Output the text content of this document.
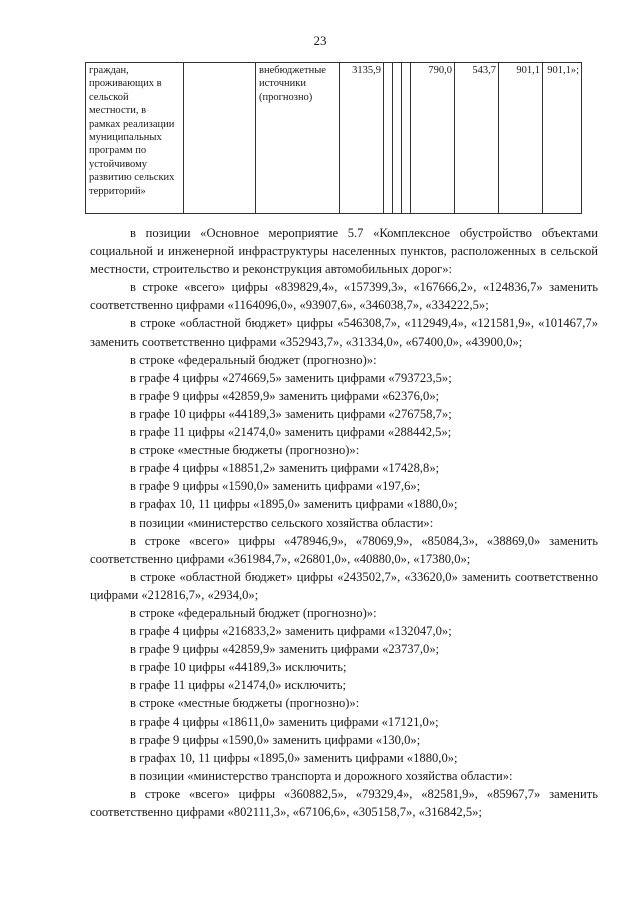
23
граждан, проживающих в сельской местности, в рамках реализации муниципальных программ по устойчивому развитию сельских территорий»		внебюджетные источники (прогнозно)	3135,9				790,0	543,7	901,1	901,1»;

в позиции «Основное мероприятие 5.7 «Комплексное обустройство объектами социальной и инженерной инфраструктуры населенных пунктов, расположенных в сельской местности, строительство и реконструкция автомобильных дорог»:

в строке «всего» цифры «839829,4», «157399,3», «167666,2», «124836,7» заменить соответственно цифрами «1164096,0», «93907,6», «346038,7», «334222,5»;

в строке «областной бюджет» цифры «546308,7», «112949,4», «121581,9», «101467,7» заменить соответственно цифрами «352943,7», «31334,0», «67400,0», «43900,0»;

в строке «федеральный бюджет (прогнозно)»:

в графе 4 цифры «274669,5» заменить цифрами «793723,5»;

в графе 9 цифры «42859,9» заменить цифрами «62376,0»;

в графе 10 цифры «44189,3» заменить цифрами «276758,7»;

в графе 11 цифры «21474,0» заменить цифрами «288442,5»;

в строке «местные бюджеты (прогнозно)»:

в графе 4 цифры «18851,2» заменить цифрами «17428,8»;

в графе 9 цифры «1590,0» заменить цифрами «197,6»;

в графах 10, 11 цифры «1895,0» заменить цифрами «1880,0»;

в позиции «министерство сельского хозяйства области»:

в строке «всего» цифры «478946,9», «78069,9», «85084,3», «38869,0» заменить соответственно цифрами «361984,7», «26801,0», «40880,0», «17380,0»;

в строке «областной бюджет» цифры «243502,7», «33620,0» заменить соответственно цифрами «212816,7», «2934,0»;

в строке «федеральный бюджет (прогнозно)»:

в графе 4 цифры «216833,2» заменить цифрами «132047,0»;

в графе 9 цифры «42859,9» заменить цифрами «23737,0»;

в графе 10 цифры «44189,3» исключить;

в графе 11 цифры «21474,0» исключить;

в строке «местные бюджеты (прогнозно)»:

в графе 4 цифры «18611,0» заменить цифрами «17121,0»;

в графе 9 цифры «1590,0» заменить цифрами «130,0»;

в графах 10, 11 цифры «1895,0» заменить цифрами «1880,0»;

в позиции «министерство транспорта и дорожного хозяйства области»:

в строке «всего» цифры «360882,5», «79329,4», «82581,9», «85967,7» заменить соответственно цифрами «802111,3», «67106,6», «305158,7», «316842,5»;
